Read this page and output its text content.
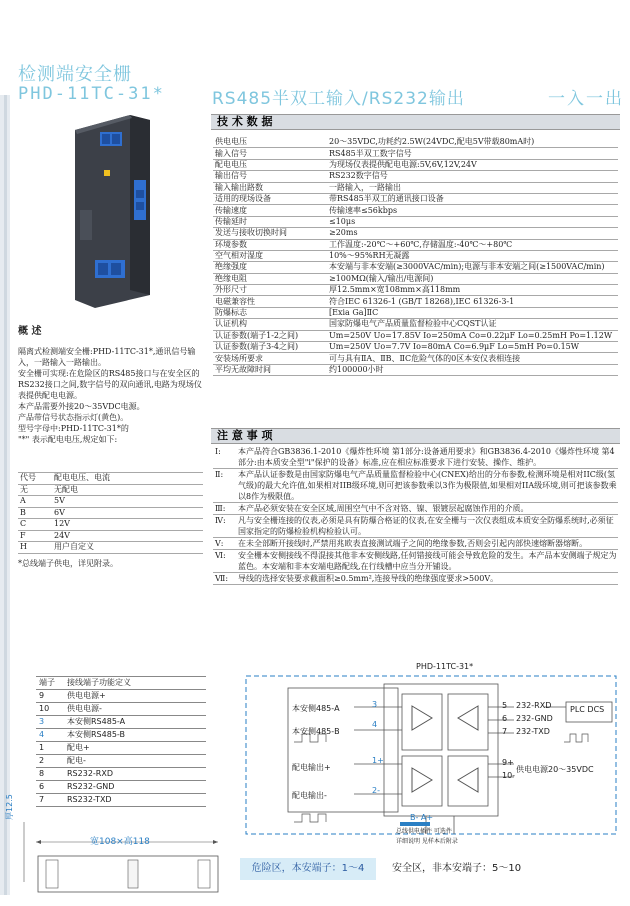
检测端安全栅
PHD-11TC-31*	RS485半双工输入/RS232输出	一入一出
技 术 数 据
供电电压	20～35VDC,功耗约2.5W(24VDC,配电5V带载80mA时)
输入信号	RS485半双工数字信号
配电电压	为现场仪表提供配电电源:5V,6V,12V,24V
输出信号	RS232数字信号
输入输出路数	一路输入，一路输出
适用的现场设备	带RS485半双工的通讯接口设备
传输速度	传输速率≤56kbps
传输延时	≤10μs
发送与接收切换时间	≥20ms
环境参数	工作温度:-20℃～+60℃,存储温度:-40℃～+80℃
空气相对湿度	10%～95%RH无凝露
绝缘强度	本安端与非本安端(≥3000VAC/min);电源与非本安端之间(≥1500VAC/min)
绝缘电阻	≥100MΩ(输入/输出/电源间)
外形尺寸	厚12.5mm×宽108mm×高118mm
电磁兼容性	符合IEC 61326-1 (GB/T 18268),IEC 61326-3-1
防爆标志	[Exia Ga]ⅡC
认证机构	国家防爆电气产品质量监督检验中心CQST认证
认证参数(端子1-2之间)	Um=250V Uo=17.85V Io=250mA Co=0.22μF Lo=0.25mH Po=1.12W
认证参数(端子3-4之间)	Um=250V Uo=7.7V Io=80mA Co=6.9μF Lo=5mH Po=0.15W
安装场所要求	可与具有ⅡA、ⅡB、ⅡC危险气体的0区本安仪表相连接
平均无故障时间	约100000小时
概 述
隔离式检测端安全栅:PHD-11TC-31*,通讯信号输入，一路输入一路输出。
安全栅可实现:在危险区的RS485接口与在安全区的RS232接口之间,数字信号的双向通讯,电路为现场仪表提供配电电源。
本产品需要外接20～35VDC电源。
产品带信号状态指示灯(黄色)。
型号字母中:PHD-11TC-31*的
"*" 表示配电电压,规定如下:
代号	配电电压、电流
无	无配电
A	5V
B	6V
C	12V
F	24V
H	用户自定义
*总线端子供电，详见附录。
注 意 事 项
Ⅰ: 本产品符合GB3836.1-2010《爆炸性环境 第1部分:设备通用要求》和GB3836.4-2010《爆炸性环境 第4部分:由本质安全型"i"保护的设备》标准,应在相应标准要求下进行安装、操作、维护。
Ⅱ: 本产品认证参数是由国家防爆电气产品质量监督检验中心(CNEX)给出的分布参数,检测环境是相对IIC级(氢气级)的最大允许值,如果相对IIB级环境,则可把该参数乘以3作为极限值,如果相对IIA级环境,则可把该参数乘以8作为极限值。
Ⅲ: 本产品必须安装在安全区域,周围空气中不含对铬、镍、银镀层起腐蚀作用的介质。
Ⅳ: 凡与安全栅连接的仪表,必须是具有防爆合格证的仪表,在安全栅与一次仪表组成本质安全防爆系统时,必须征国家指定的防爆检验机构检验认可。
Ⅴ: 在未全部断开接线时,严禁用兆欧表直接测试端子之间的绝缘参数,否则会引起内部快速熔断器熔断。
Ⅵ: 安全栅本安侧接线不得混接其他非本安侧线路,任何错接线可能会导致危险的发生。本产品本安侧端子规定为蓝色。本安端和非本安端电路配线,在行线槽中应当分开铺设。
Ⅶ: 导线的选择安装要求截面积≥0.5mm²,连接导线的绝缘强度要求>500V。
端子	接线端子功能定义
9	供电电源+
10	供电电源-
3	本安侧RS485-A
4	本安侧RS485-B
1	配电+
2	配电-
8	RS232-RXD
6	RS232-GND
7	RS232-TXD
宽108×高118
厚12.5
PHD-11TC-31*
本安侧485-A
本安侧485-B
配电输出+
配电输出-
3
4
1+
2-
5
6
7
9+
10-
232-RXD
232-GND
232-TXD
PLC DCS
供电电源20～35VDC
B- A+
总线供电插件 可选件
详细说明 见样本后附录
危险区，本安端子：1～4	安全区，非本安端子：5～10
